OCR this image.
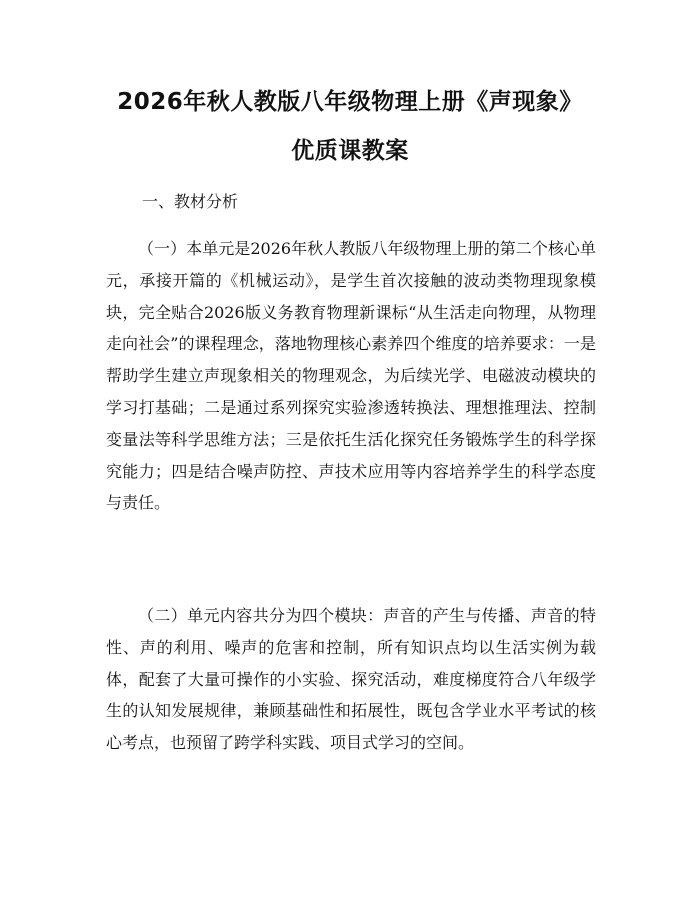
2026年秋人教版八年级物理上册《声现象》
优质课教案

一、教材分析

（一）本单元是2026年秋人教版八年级物理上册的第二个核心单元，承接开篇的《机械运动》，是学生首次接触的波动类物理现象模块，完全贴合2026版义务教育物理新课标“从生活走向物理，从物理走向社会”的课程理念，落地物理核心素养四个维度的培养要求：一是帮助学生建立声现象相关的物理观念，为后续光学、电磁波动模块的学习打基础；二是通过系列探究实验渗透转换法、理想推理法、控制变量法等科学思维方法；三是依托生活化探究任务锻炼学生的科学探究能力；四是结合噪声防控、声技术应用等内容培养学生的科学态度与责任。

（二）单元内容共分为四个模块：声音的产生与传播、声音的特性、声的利用、噪声的危害和控制，所有知识点均以生活实例为载体，配套了大量可操作的小实验、探究活动，难度梯度符合八年级学生的认知发展规律，兼顾基础性和拓展性，既包含学业水平考试的核心考点，也预留了跨学科实践、项目式学习的空间。
